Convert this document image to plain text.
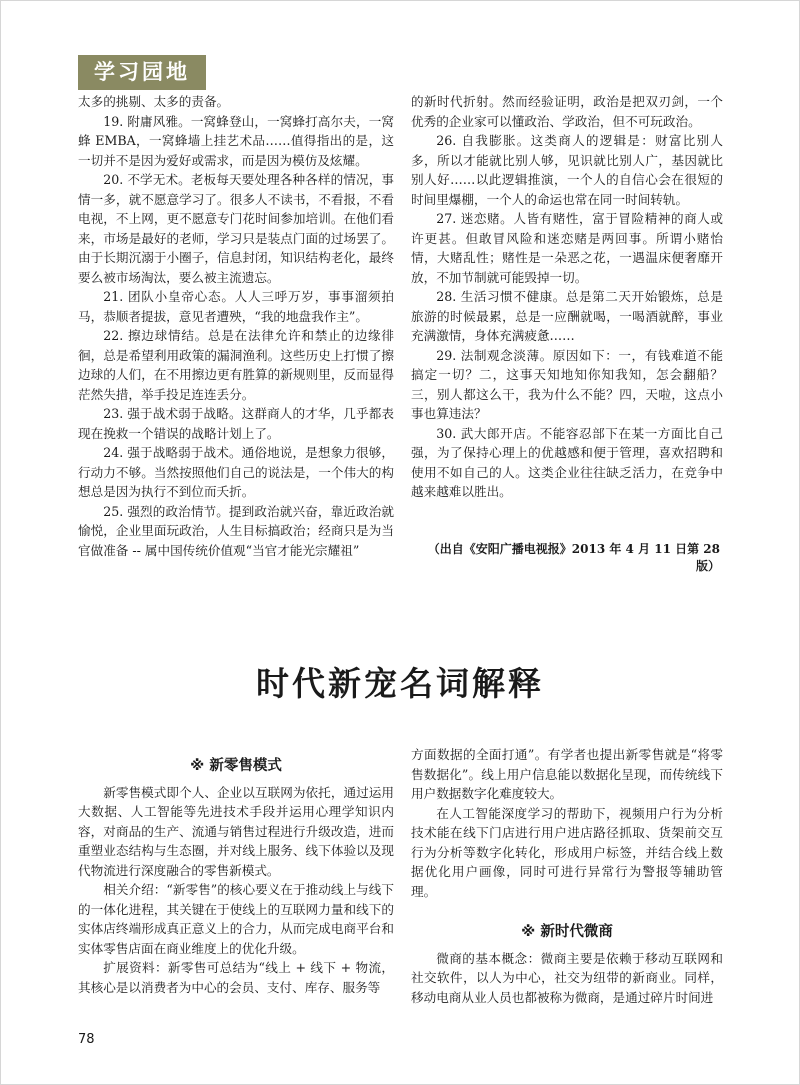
学习园地

太多的挑剔、太多的责备。

19. 附庸风雅。一窝蜂登山，一窝蜂打高尔夫，一窝蜂 EMBA，一窝蜂墙上挂艺术品……值得指出的是，这一切并不是因为爱好或需求，而是因为模仿及炫耀。

20. 不学无术。老板每天要处理各种各样的情况，事情一多，就不愿意学习了。很多人不读书，不看报，不看电视，不上网，更不愿意专门花时间参加培训。在他们看来，市场是最好的老师，学习只是装点门面的过场罢了。由于长期沉溺于小圈子，信息封闭，知识结构老化，最终要么被市场淘汰，要么被主流遗忘。

21. 团队小皇帝心态。人人三呼万岁，事事溜须拍马，恭顺者提拔，意见者遭殃，“我的地盘我作主”。

22. 擦边球情结。总是在法律允许和禁止的边缘徘徊，总是希望利用政策的漏洞渔利。这些历史上打惯了擦边球的人们，在不用擦边更有胜算的新规则里，反而显得茫然失措，举手投足连连丢分。

23. 强于战术弱于战略。这群商人的才华，几乎都表现在挽救一个错误的战略计划上了。

24. 强于战略弱于战术。通俗地说，是想象力很够，行动力不够。当然按照他们自己的说法是，一个伟大的构想总是因为执行不到位而夭折。

25. 强烈的政治情节。提到政治就兴奋，靠近政治就愉悦，企业里面玩政治，人生目标搞政治；经商只是为当官做准备 -- 属中国传统价值观“当官才能光宗耀祖”

的新时代折射。然而经验证明，政治是把双刃剑，一个优秀的企业家可以懂政治、学政治，但不可玩政治。

26. 自我膨胀。这类商人的逻辑是：财富比别人多，所以才能就比别人够，见识就比别人广，基因就比别人好……以此逻辑推演，一个人的自信心会在很短的时间里爆棚，一个人的命运也常在同一时间转轨。

27. 迷恋赌。人皆有赌性，富于冒险精神的商人或许更甚。但敢冒风险和迷恋赌是两回事。所谓小赌怡情，大赌乱性；赌性是一朵恶之花，一遇温床便奢靡开放，不加节制就可能毁掉一切。

28. 生活习惯不健康。总是第二天开始锻炼，总是旅游的时候最累，总是一应酬就喝，一喝酒就醉，事业充满激情，身体充满疲惫……

29. 法制观念淡薄。原因如下：一，有钱难道不能搞定一切？二，这事天知地知你知我知，怎会翻船？三，别人都这么干，我为什么不能？四，天啦，这点小事也算违法？

30. 武大郎开店。不能容忍部下在某一方面比自己强，为了保持心理上的优越感和便于管理，喜欢招聘和使用不如自己的人。这类企业往往缺乏活力，在竞争中越来越难以胜出。

（出自《安阳广播电视报》2013 年 4 月 11 日第 28 版）
时代新宠名词解释
※ 新零售模式

新零售模式即个人、企业以互联网为依托，通过运用大数据、人工智能等先进技术手段并运用心理学知识内容，对商品的生产、流通与销售过程进行升级改造，进而重塑业态结构与生态圈，并对线上服务、线下体验以及现代物流进行深度融合的零售新模式。

相关介绍：“新零售”的核心要义在于推动线上与线下的一体化进程，其关键在于使线上的互联网力量和线下的实体店终端形成真正意义上的合力，从而完成电商平台和实体零售店面在商业维度上的优化升级。

扩展资料：新零售可总结为“线上 + 线下 + 物流，其核心是以消费者为中心的会员、支付、库存、服务等

方面数据的全面打通”。有学者也提出新零售就是“将零售数据化”。线上用户信息能以数据化呈现，而传统线下用户数据数字化难度较大。

在人工智能深度学习的帮助下，视频用户行为分析技术能在线下门店进行用户进店路径抓取、货架前交互行为分析等数字化转化，形成用户标签，并结合线上数据优化用户画像，同时可进行异常行为警报等辅助管理。

※ 新时代微商

微商的基本概念：微商主要是依赖于移动互联网和社交软件，以人为中心，社交为纽带的新商业。同样，移动电商从业人员也都被称为微商，是通过碎片时间进

78
